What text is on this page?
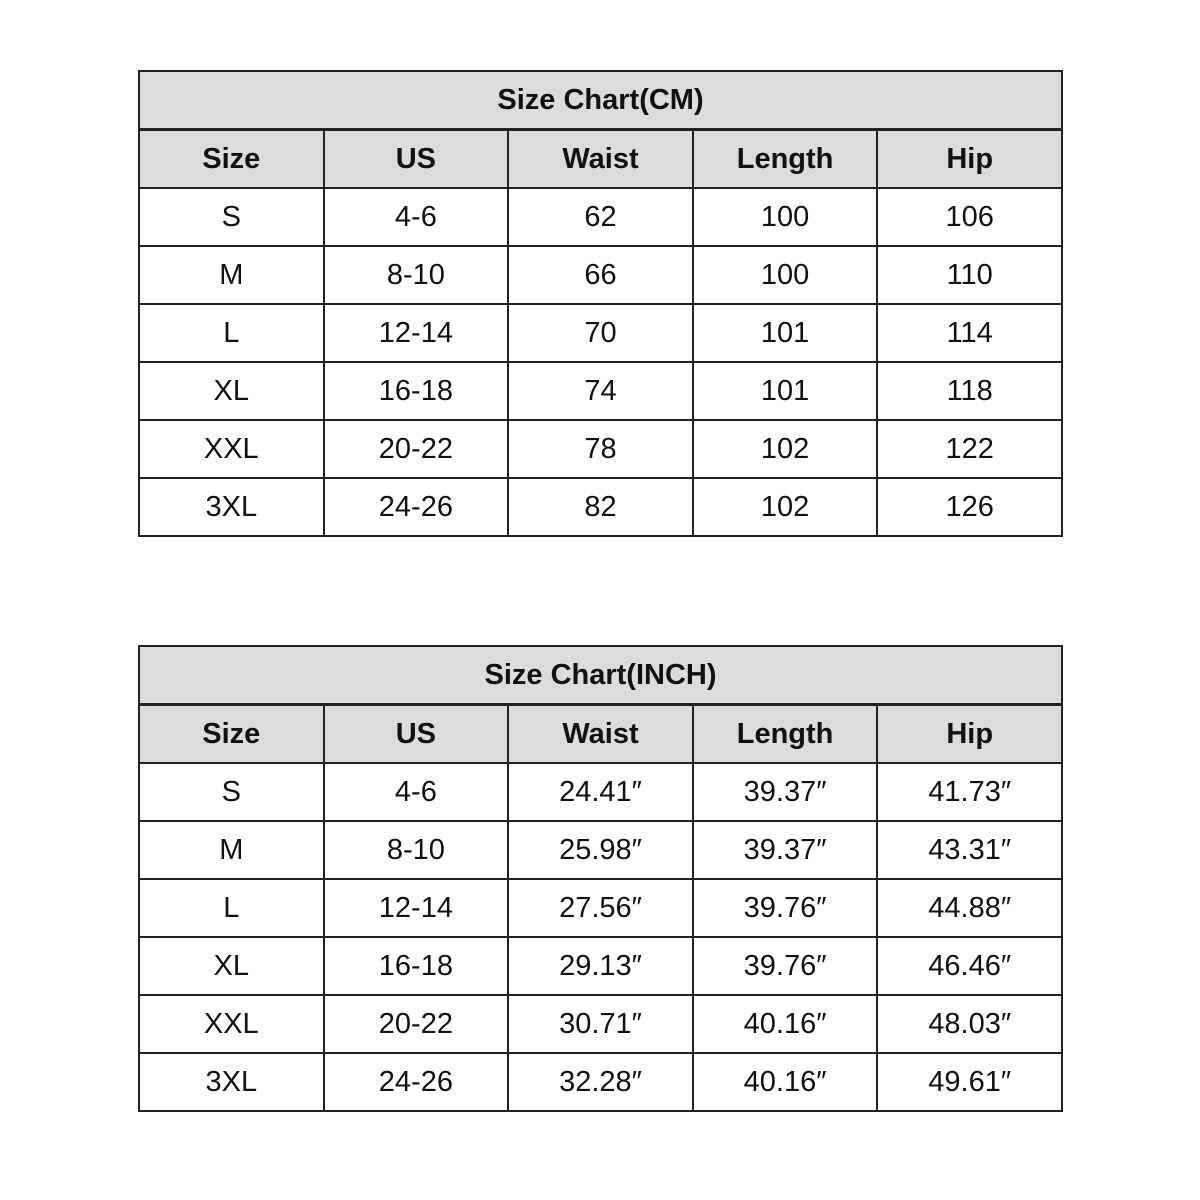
Size Chart(CM)				
Size	US	Waist	Length	Hip
S	4-6	62	100	106
M	8-10	66	100	110
L	12-14	70	101	114
XL	16-18	74	101	118
XXL	20-22	78	102	122
3XL	24-26	82	102	126
Size Chart(INCH)				
Size	US	Waist	Length	Hip
S	4-6	24.41″	39.37″	41.73″
M	8-10	25.98″	39.37″	43.31″
L	12-14	27.56″	39.76″	44.88″
XL	16-18	29.13″	39.76″	46.46″
XXL	20-22	30.71″	40.16″	48.03″
3XL	24-26	32.28″	40.16″	49.61″
